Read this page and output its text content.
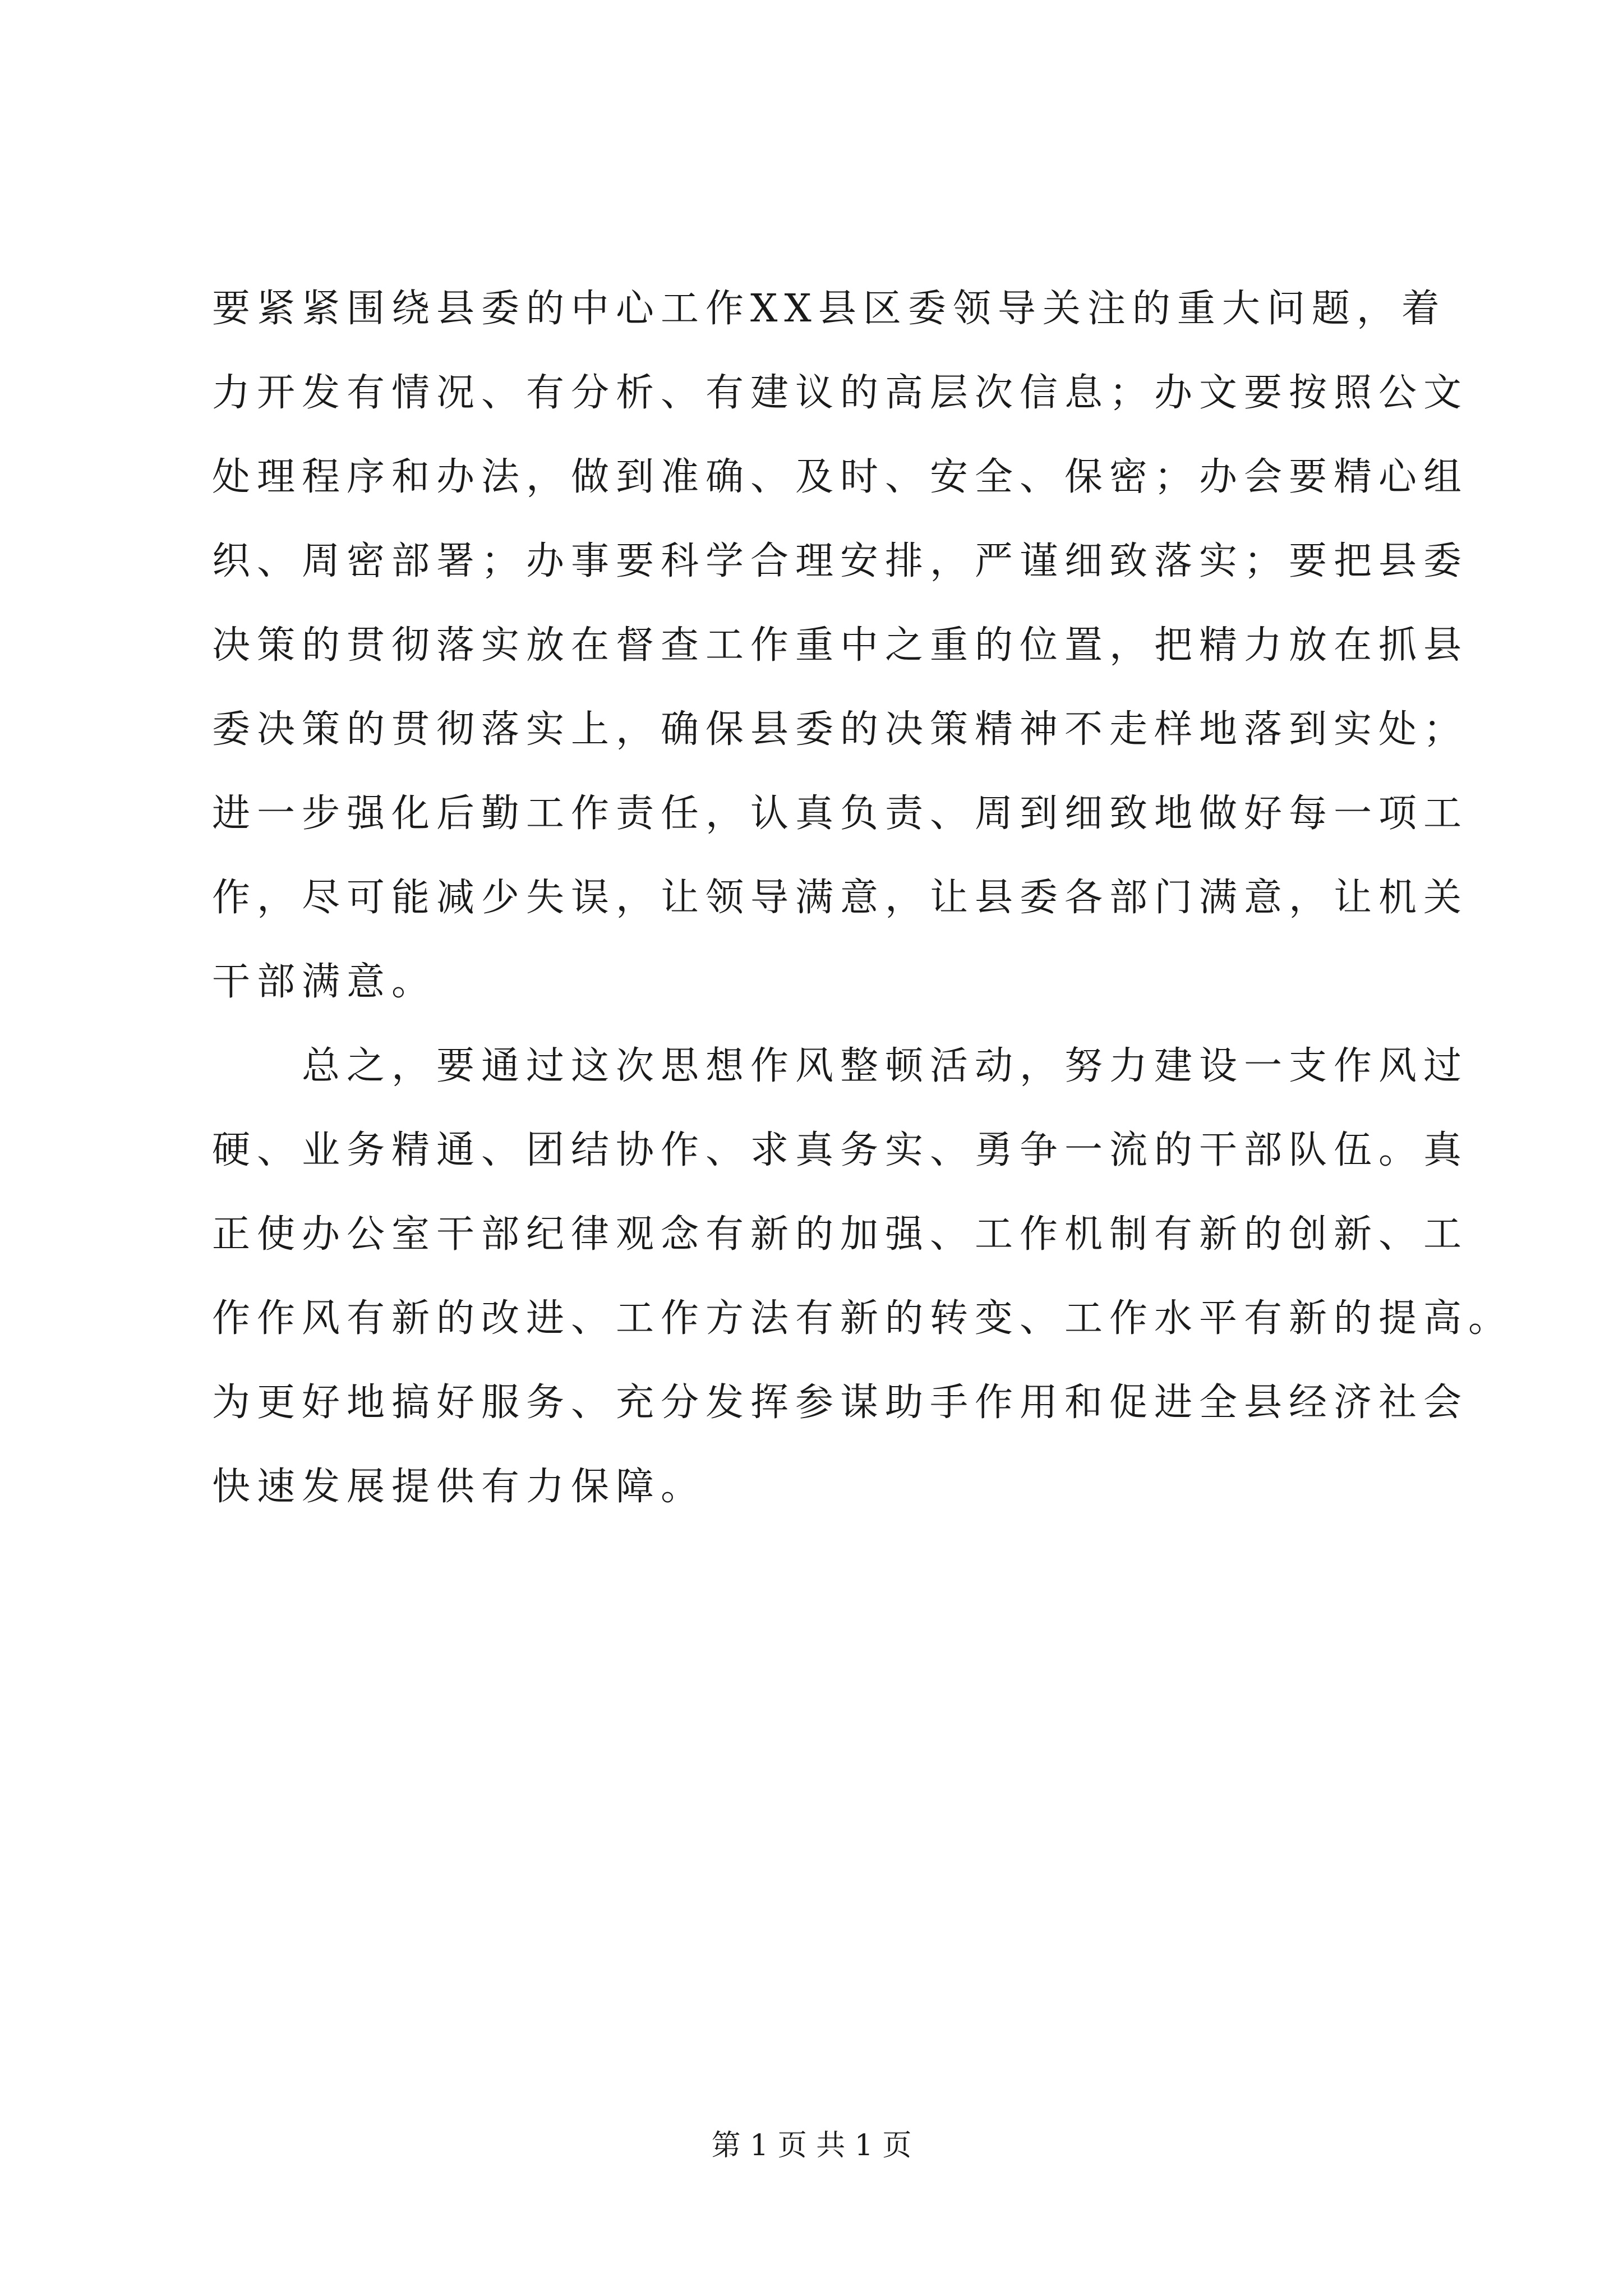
要紧紧围绕县委的中心工作XX县区委领导关注的重大问题，着
力开发有情况、有分析、有建议的高层次信息；办文要按照公文
处理程序和办法，做到准确、及时、安全、保密；办会要精心组
织、周密部署；办事要科学合理安排，严谨细致落实；要把县委
决策的贯彻落实放在督查工作重中之重的位置，把精力放在抓县
委决策的贯彻落实上，确保县委的决策精神不走样地落到实处；
进一步强化后勤工作责任，认真负责、周到细致地做好每一项工
作，尽可能减少失误，让领导满意，让县委各部门满意，让机关
干部满意。
　　总之，要通过这次思想作风整顿活动，努力建设一支作风过
硬、业务精通、团结协作、求真务实、勇争一流的干部队伍。真
正使办公室干部纪律观念有新的加强、工作机制有新的创新、工
作作风有新的改进、工作方法有新的转变、工作水平有新的提高。
为更好地搞好服务、充分发挥参谋助手作用和促进全县经济社会
快速发展提供有力保障。
第 1 页 共 1 页
